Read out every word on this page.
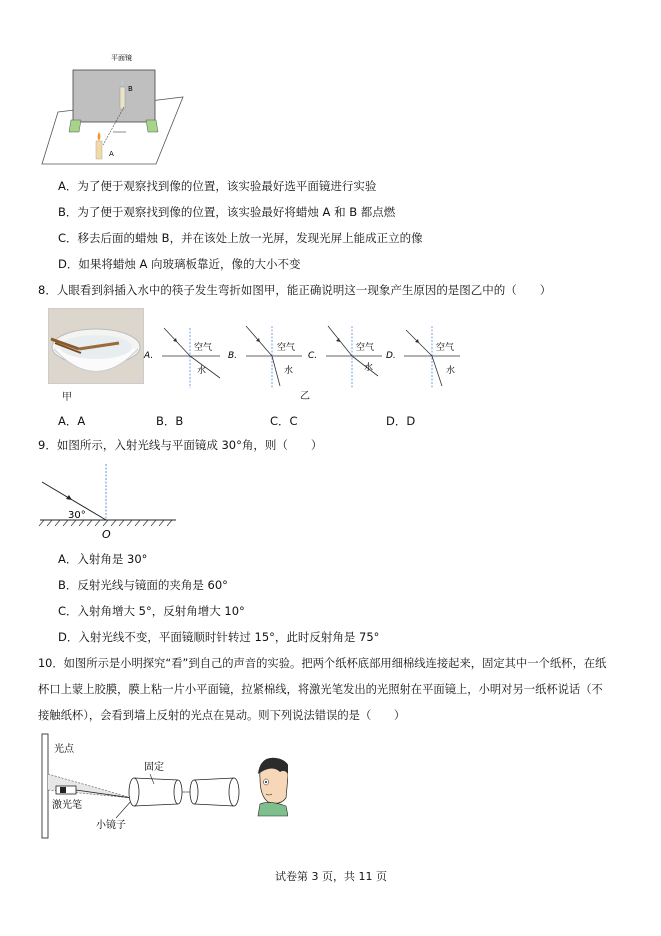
平面镜
B
A
A．为了便于观察找到像的位置，该实验最好选平面镜进行实验
B．为了便于观察找到像的位置，该实验最好将蜡烛 A 和 B 都点燃
C．移去后面的蜡烛 B，并在该处上放一光屏，发现光屏上能成正立的像
D．如果将蜡烛 A 向玻璃板靠近，像的大小不变
8．人眼看到斜插入水中的筷子发生弯折如图甲，能正确说明这一现象产生原因的是图乙中的（　　）
甲
A.
空气
水
B.
空气
水
C.
空气
水
D.
空气
水
乙
A．A	B．B	C．C	D．D
9．如图所示，入射光线与平面镜成 30°角，则（　　）
30°
O
A．入射角是 30°
B．反射光线与镜面的夹角是 60°
C．入射角增大 5°，反射角增大 10°
D．入射光线不变，平面镜顺时针转过 15°，此时反射角是 75°
10．如图所示是小明探究“看”到自己的声音的实验。把两个纸杯底部用细棉线连接起来，固定其中一个纸杯，在纸
杯口上蒙上胶膜，膜上粘一片小平面镜，拉紧棉线，将激光笔发出的光照射在平面镜上，小明对另一纸杯说话（不
接触纸杯），会看到墙上反射的光点在晃动。则下列说法错误的是（　　）
光点
激光笔
小镜子
固定
试卷第 3 页，共 11 页
